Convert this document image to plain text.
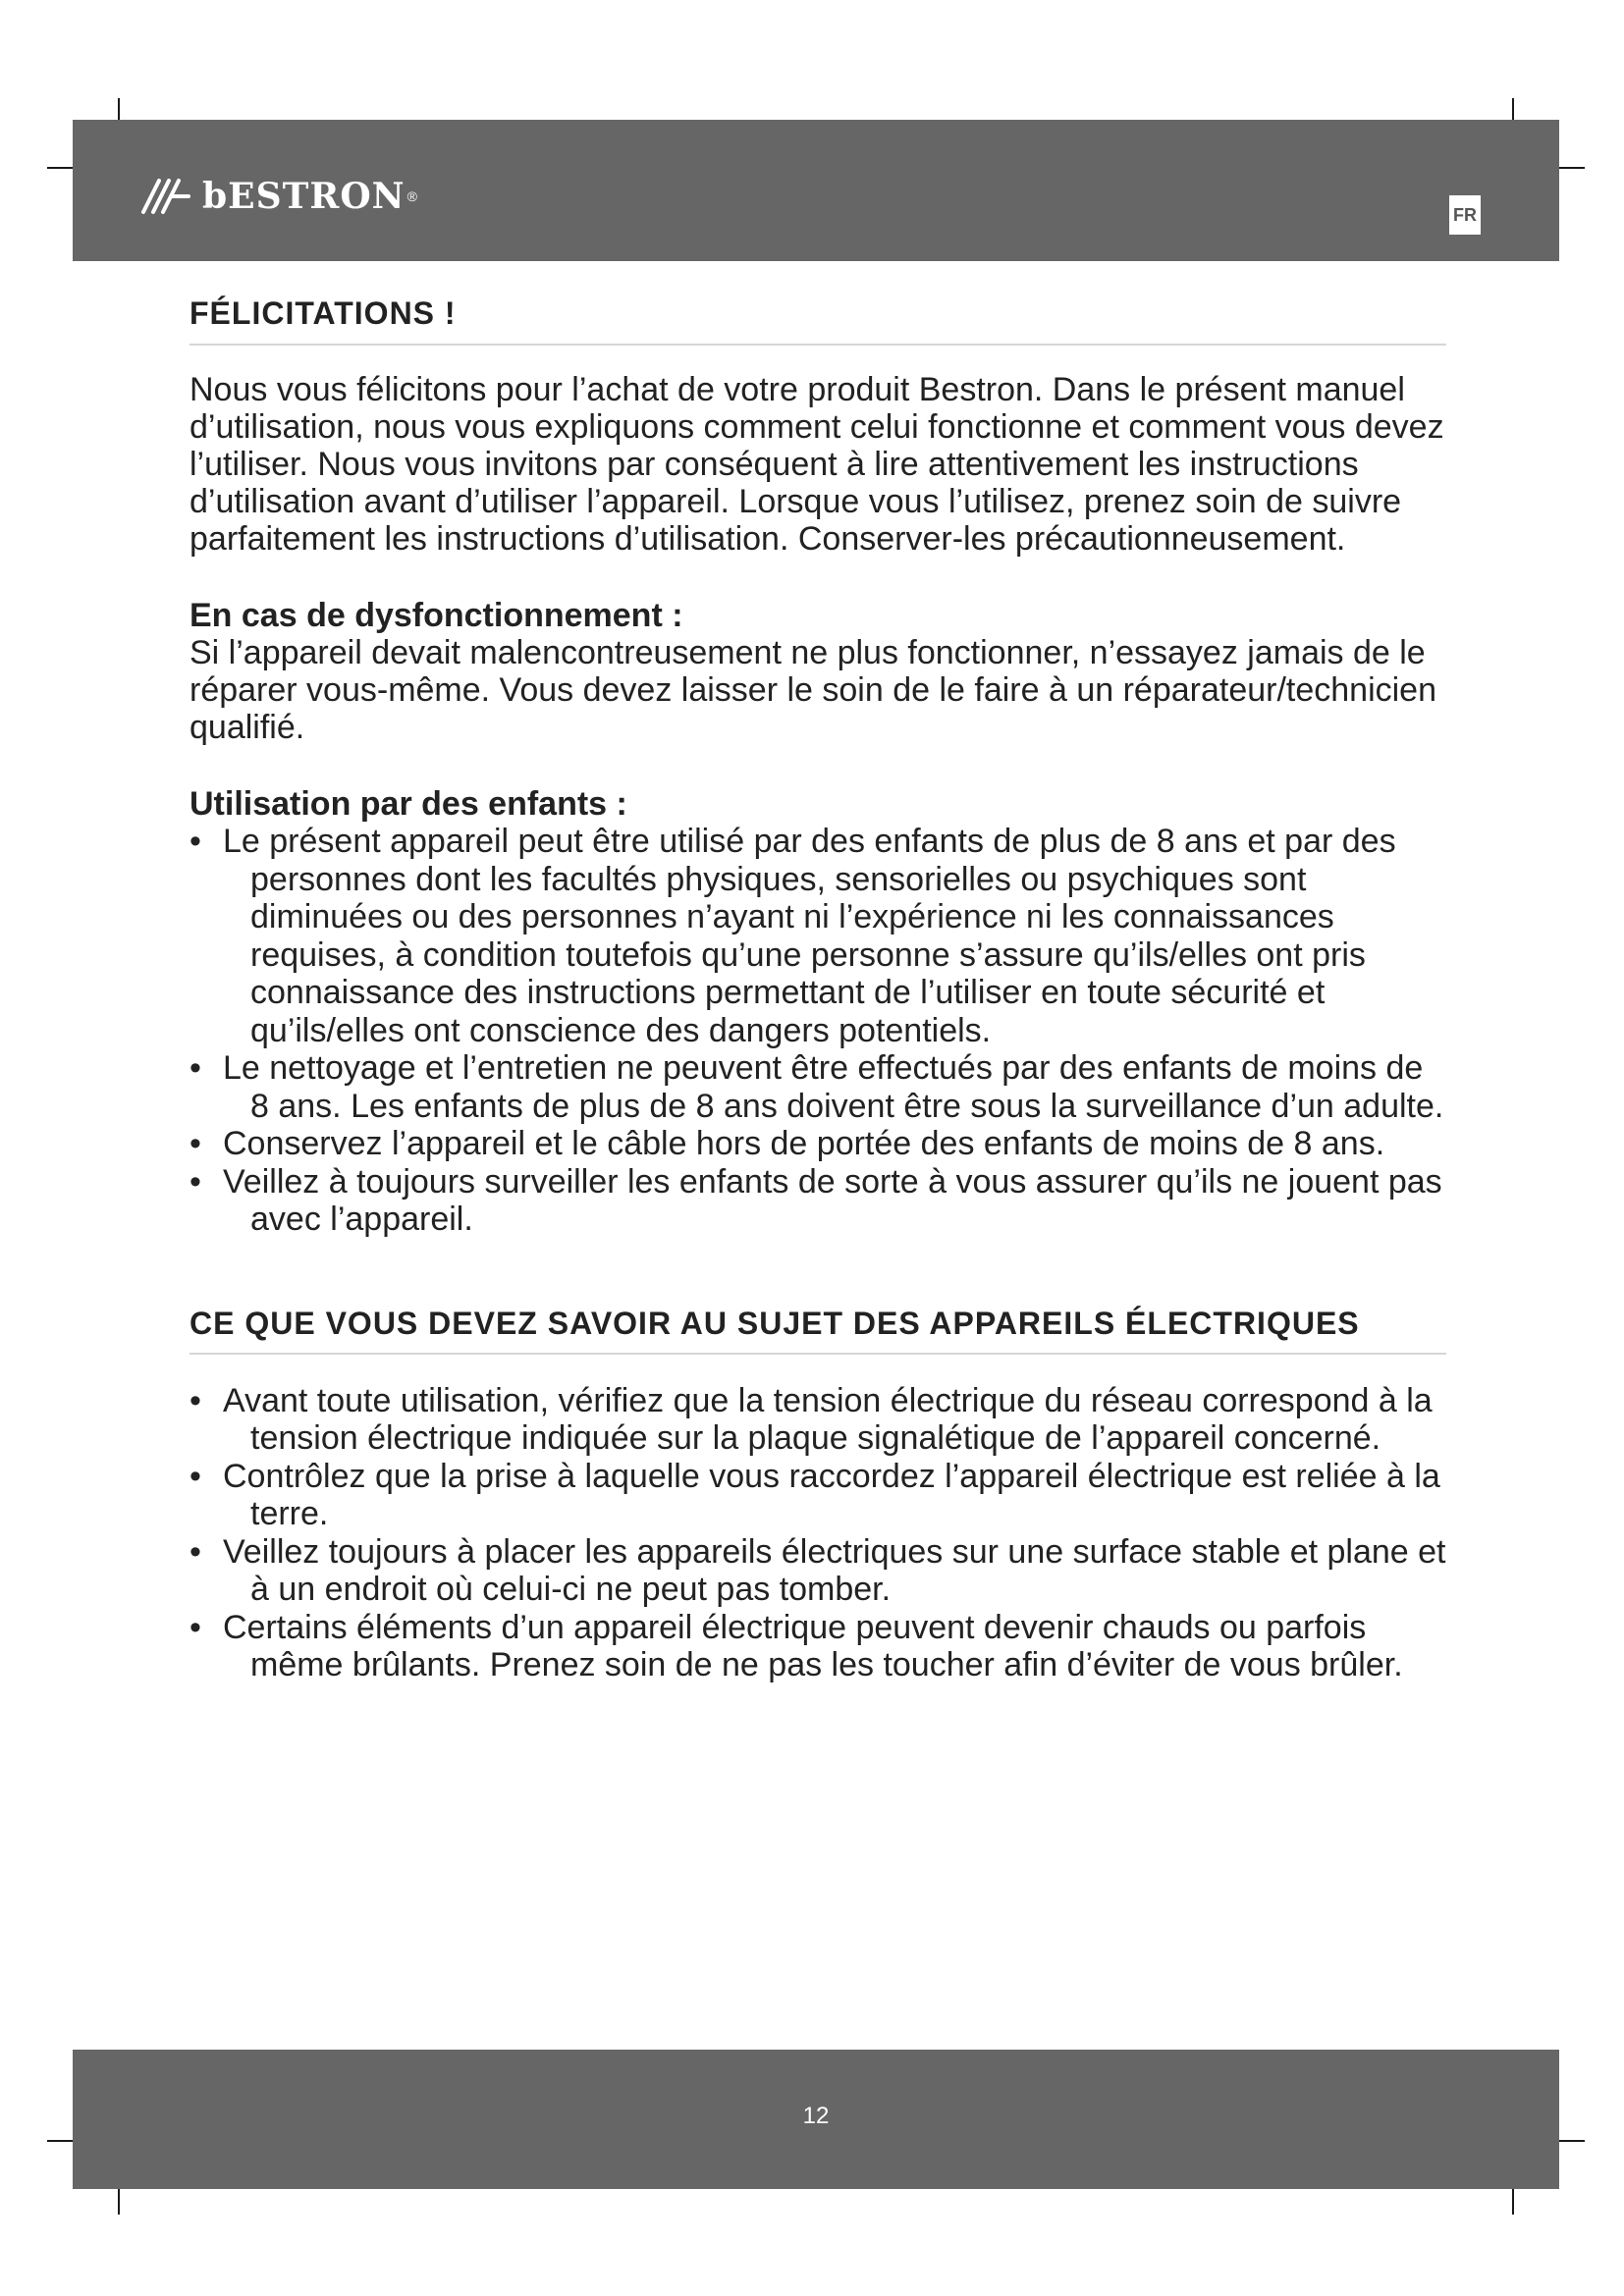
bESTRON ®
FR
FÉLICITATIONS !

Nous vous félicitons pour l’achat de votre produit Bestron. Dans le présent manuel d’utilisation, nous vous expliquons comment celui fonctionne et comment vous devez l’utiliser. Nous vous invitons par conséquent à lire attentivement les instructions d’utilisation avant d’utiliser l’appareil. Lorsque vous l’utilisez, prenez soin de suivre parfaitement les instructions d’utilisation. Conserver-les précautionneusement.

En cas de dysfonctionnement :

Si l’appareil devait malencontreusement ne plus fonctionner, n’essayez jamais de le réparer vous-même. Vous devez laisser le soin de le faire à un réparateur/technicien qualifié.

Utilisation par des enfants :
• Le présent appareil peut être utilisé par des enfants de plus de 8 ans et par des personnes dont les facultés physiques, sensorielles ou psychiques sont diminuées ou des personnes n’ayant ni l’expérience ni les connaissances requises, à condition toutefois qu’une personne s’assure qu’ils/elles ont pris connaissance des instructions permettant de l’utiliser en toute sécurité et qu’ils/elles ont conscience des dangers potentiels.
• Le nettoyage et l’entretien ne peuvent être effectués par des enfants de moins de 8 ans. Les enfants de plus de 8 ans doivent être sous la surveillance d’un adulte.
• Conservez l’appareil et le câble hors de portée des enfants de moins de 8 ans.
• Veillez à toujours surveiller les enfants de sorte à vous assurer qu’ils ne jouent pas avec l’appareil.
CE QUE VOUS DEVEZ SAVOIR AU SUJET DES APPAREILS ÉLECTRIQUES
• Avant toute utilisation, vérifiez que la tension électrique du réseau correspond à la tension électrique indiquée sur la plaque signalétique de l’appareil concerné.
• Contrôlez que la prise à laquelle vous raccordez l’appareil électrique est reliée à la terre.
• Veillez toujours à placer les appareils électriques sur une surface stable et plane et à un endroit où celui-ci ne peut pas tomber.
• Certains éléments d’un appareil électrique peuvent devenir chauds ou parfois même brûlants. Prenez soin de ne pas les toucher afin d’éviter de vous brûler.
12
